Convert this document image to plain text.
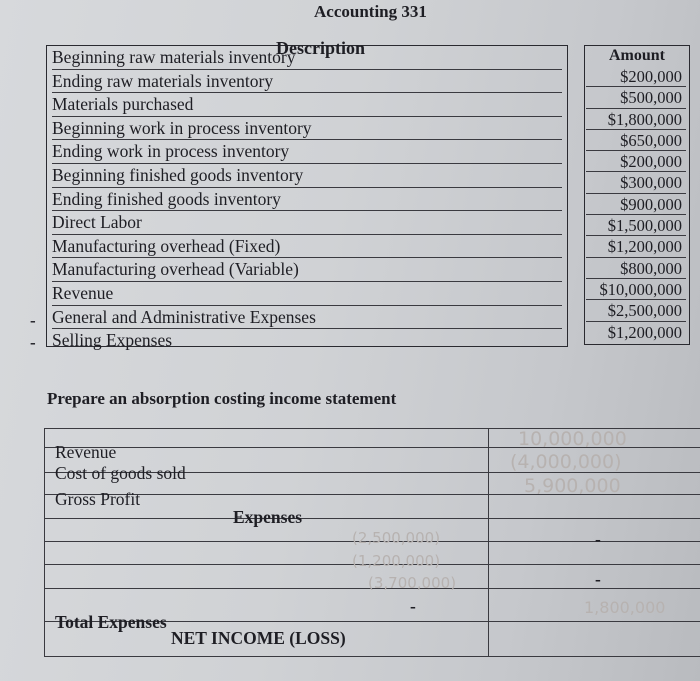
Accounting 331
Description
Beginning raw materials inventory
Ending raw materials inventory
Materials purchased
Beginning work in process inventory
Ending work in process inventory
Beginning finished goods inventory
Ending finished goods inventory
Direct Labor
Manufacturing overhead (Fixed)
Manufacturing overhead (Variable)
Revenue
General and Administrative Expenses
Selling Expenses
-
-
Amount
$200,000
$500,000
$1,800,000
$650,000
$200,000
$300,000
$900,000
$1,500,000
$1,200,000
$800,000
$10,000,000
$2,500,000
$1,200,000
Prepare an absorption costing income statement
Revenue
Cost of goods sold
Gross Profit
Expenses
Total Expenses
NET INCOME (LOSS)
-
-
-
10,000,000
(4,000,000)
5,900,000
(2,500,000)
(1,200,000)
(3,700,000)
1,800,000
